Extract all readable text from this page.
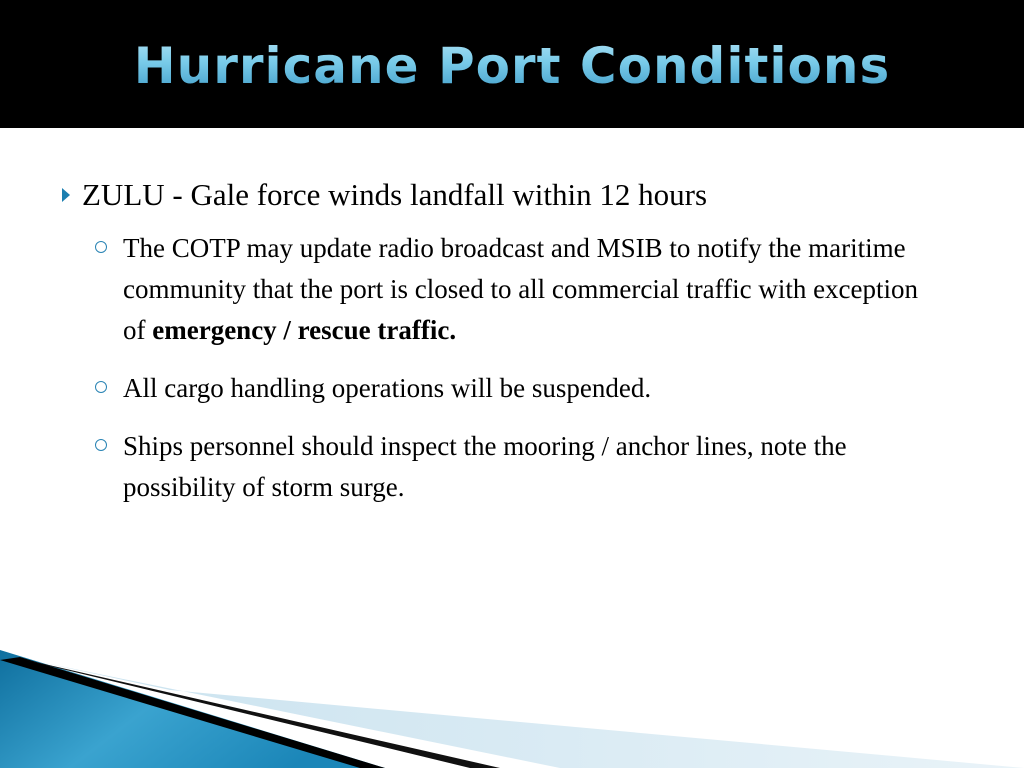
Hurricane Port Conditions
ZULU - Gale force winds landfall within 12 hours
The COTP may update radio broadcast and MSIB to notify the maritime community that the port is closed to all commercial traffic with exception of emergency / rescue traffic.
All cargo handling operations will be suspended.
Ships personnel should inspect the mooring / anchor lines, note the possibility of storm surge.
